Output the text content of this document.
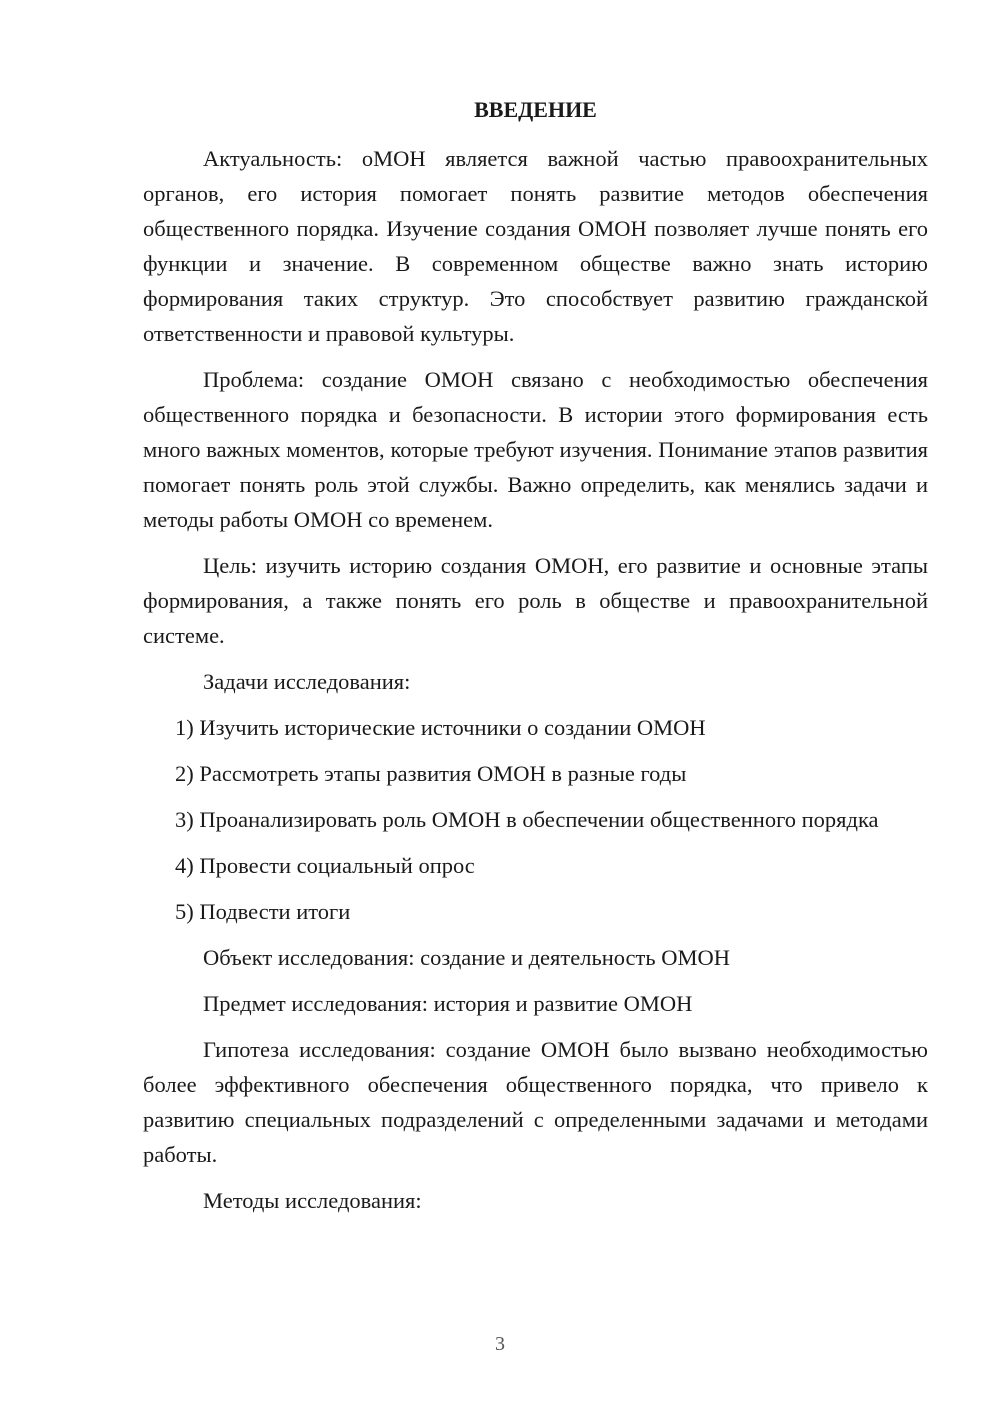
ВВЕДЕНИЕ
Актуальность: оМОН является важной частью правоохранительных органов, его история помогает понять развитие методов обеспечения общественного порядка. Изучение создания ОМОН позволяет лучше понять его функции и значение. В современном обществе важно знать историю формирования таких структур. Это способствует развитию гражданской ответственности и правовой культуры.
Проблема: создание ОМОН связано с необходимостью обеспечения общественного порядка и безопасности. В истории этого формирования есть много важных моментов, которые требуют изучения. Понимание этапов развития помогает понять роль этой службы. Важно определить, как менялись задачи и методы работы ОМОН со временем.
Цель: изучить историю создания ОМОН, его развитие и основные этапы формирования, а также понять его роль в обществе и правоохранительной системе.
Задачи исследования:
1) Изучить исторические источники о создании ОМОН
2) Рассмотреть этапы развития ОМОН в разные годы
3) Проанализировать роль ОМОН в обеспечении общественного порядка
4) Провести социальный опрос
5) Подвести итоги
Объект исследования: создание и деятельность ОМОН
Предмет исследования: история и развитие ОМОН
Гипотеза исследования: создание ОМОН было вызвано необходимостью более эффективного обеспечения общественного порядка, что привело к развитию специальных подразделений с определенными задачами и методами работы.
Методы исследования:
3
